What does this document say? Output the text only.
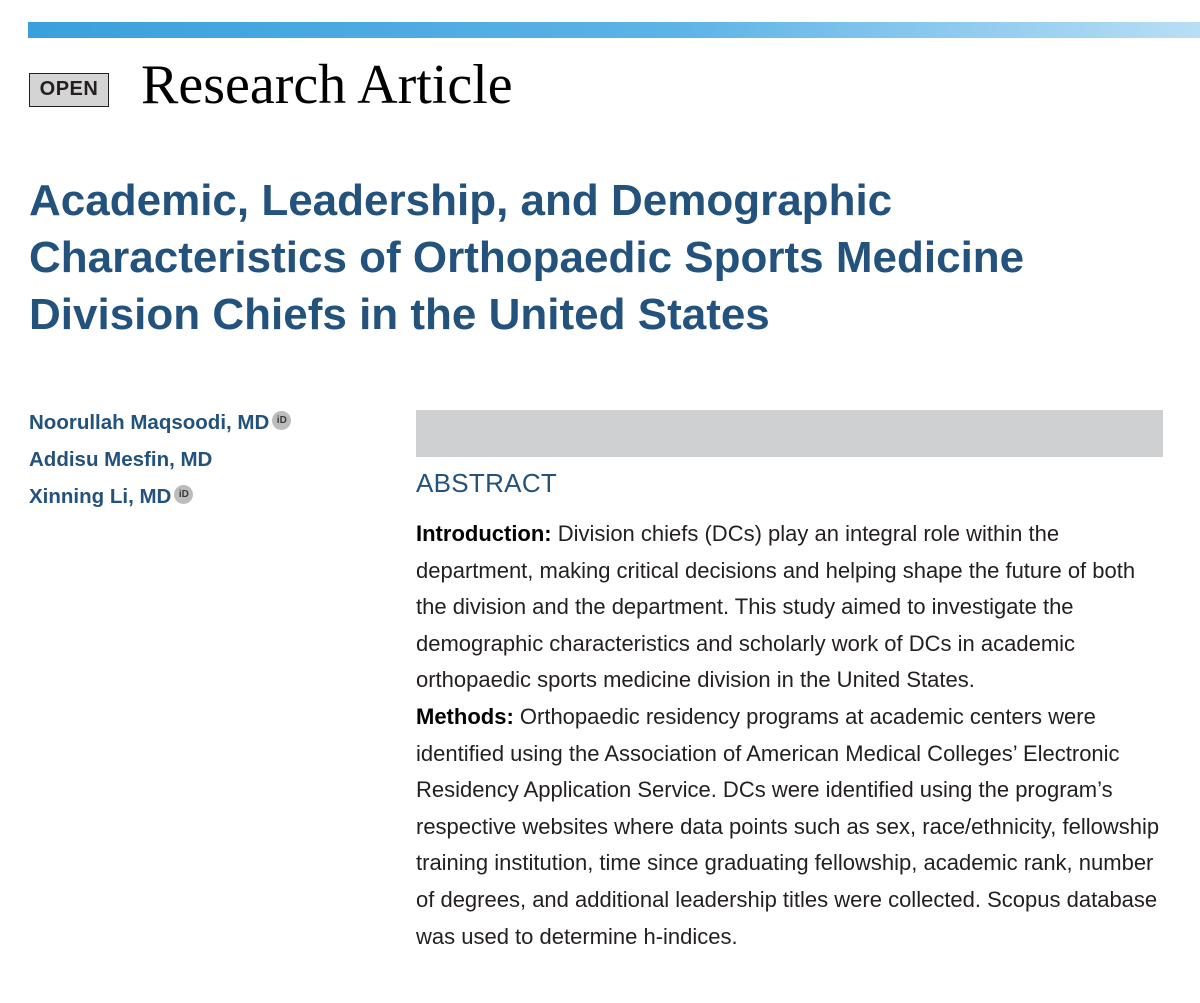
OPEN Research Article
Academic, Leadership, and Demographic Characteristics of Orthopaedic Sports Medicine Division Chiefs in the United States
Noorullah Maqsoodi, MD iD
Addisu Mesfin, MD
Xinning Li, MD iD	ABSTRACT

Introduction: Division chiefs (DCs) play an integral role within the department, making critical decisions and helping shape the future of both the division and the department. This study aimed to investigate the demographic characteristics and scholarly work of DCs in academic orthopaedic sports medicine division in the United States.

Methods: Orthopaedic residency programs at academic centers were identified using the Association of American Medical Colleges’ Electronic Residency Application Service. DCs were identified using the program’s respective websites where data points such as sex, race/ethnicity, fellowship training institution, time since graduating fellowship, academic rank, number of degrees, and additional leadership titles were collected. Scopus database was used to determine h-indices.
